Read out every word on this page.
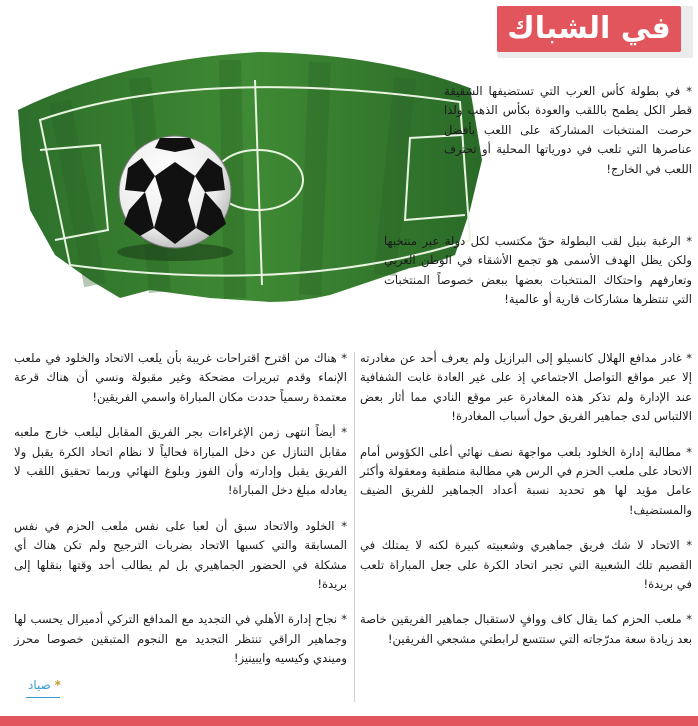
في الشباك

* في بطولة كأس العرب التي تستضيفها الشقيقة قطر الكل يطمح باللقب والعودة بكأس الذهب ولذا حرصت المنتخبات المشاركة على اللعب بأفضل عناصرها التي تلعب في دورياتها المحلية أو تحترف اللعب في الخارج!

* الرغبة بنيل لقب البطولة حقّ مكتسب لكل دولة عبر منتخبها ولكن يظل الهدف الأسمى هو تجمع الأشقاء في الوطن العربي وتعارفهم واحتكاك المنتخبات بعضها ببعض خصوصاً المنتخبات التي تنتظرها مشاركات قارية أو عالمية!

* غادر مدافع الهلال كانسيلو إلى البرازيل ولم يعرف أحد عن مغادرته إلا عبر مواقع التواصل الاجتماعي إذ على غير العادة غابت الشفافية عند الإدارة ولم تذكر هذه المغادرة عبر موقع النادي مما أثار بعض الالتباس لدى جماهير الفريق حول أسباب المغادرة!

* مطالبة إدارة الخلود بلعب مواجهة نصف نهائي أعلى الكؤوس أمام الاتحاد على ملعب الحزم في الرس هي مطالبة منطقية ومعقولة وأكثر عامل مؤيد لها هو تحديد نسبة أعداد الجماهير للفريق الضيف والمستضيف!

* الاتحاد لا شك فريق جماهيري وشعبيته كبيرة لكنه لا يمتلك في القصيم تلك الشعبية التي تجبر اتحاد الكرة على جعل المباراة تلعب في بريدة!

* ملعب الحزم كما يقال كاف ووافٍ لاستقبال جماهير الفريقين خاصة بعد زيادة سعة مدرّجاته التي ستتسع لرابطتي مشجعي الفريقين!

* هناك من اقترح اقتراحات غريبة بأن يلعب الاتحاد والخلود في ملعب الإنماء وقدم تبريرات مضحكة وغير مقبولة ونسي أن هناك قرعة معتمدة رسمياً حددت مكان المباراة واسمي الفريقين!

* أيضاً انتهى زمن الإغراءات بجر الفريق المقابل ليلعب خارج ملعبه مقابل التنازل عن دخل المباراة فحالياً لا نظام اتحاد الكرة يقبل ولا الفريق يقبل وإدارته وأن الفوز وبلوغ النهائي وربما تحقيق اللقب لا يعادله مبلغ دخل المباراة!

* الخلود والاتحاد سبق أن لعبا على نفس ملعب الحزم في نفس المسابقة والتي كسبها الاتحاد بضربات الترجيح ولم تكن هناك أي مشكلة في الحضور الجماهيري بل لم يطالب أحد وقتها بنقلها إلى بريدة!

* نجاح إدارة الأهلي في التجديد مع المدافع التركي أدميرال يحسب لها وجماهير الراقي تنتظر التجديد مع النجوم المتبقين خصوصا محرز وميندي وكيسيه وايبينيز!

* صياد
